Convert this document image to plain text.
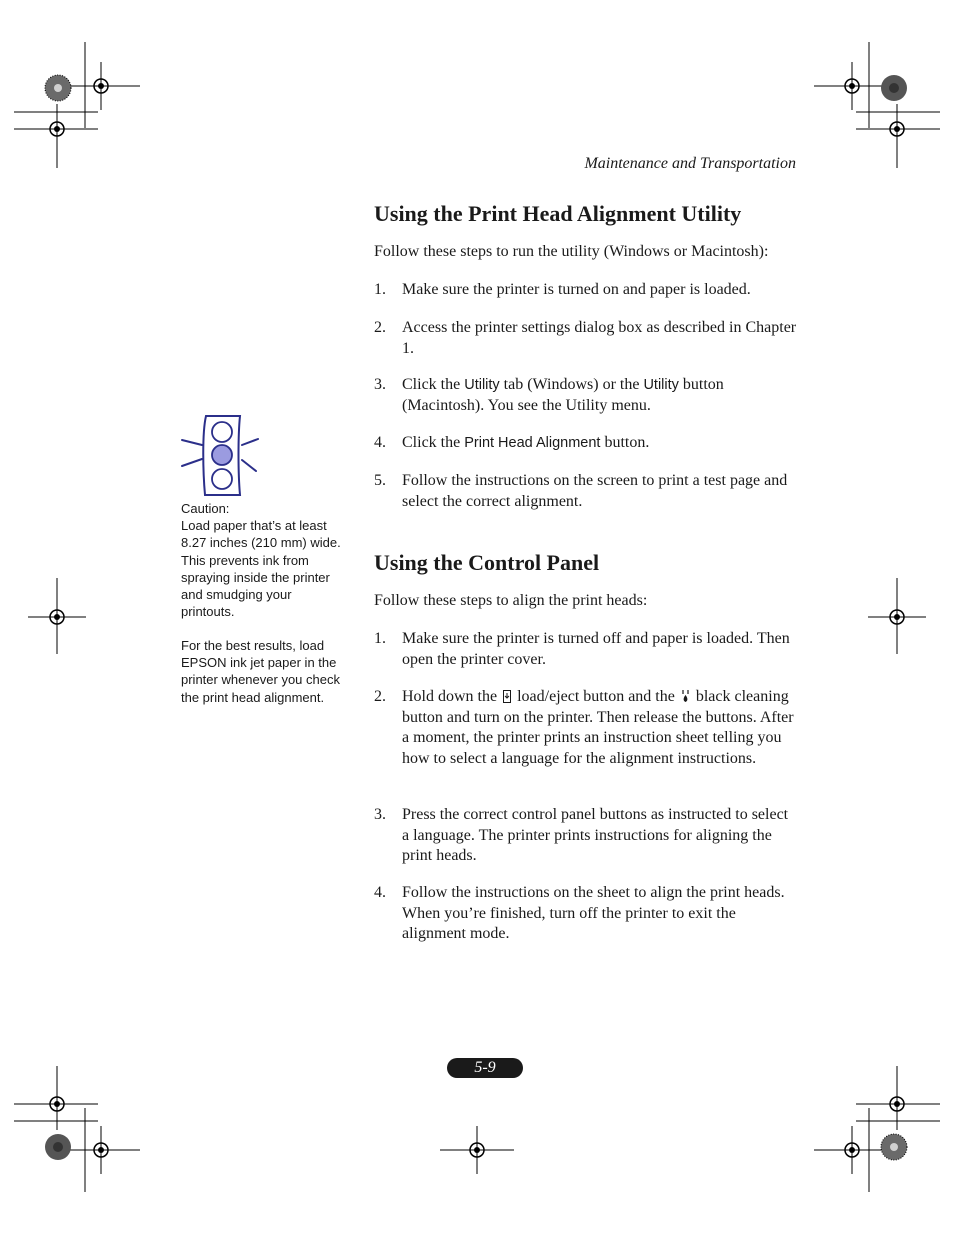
Maintenance and Transportation
Using the Print Head Alignment Utility
Follow these steps to run the utility (Windows or Macintosh):
1.	Make sure the printer is turned on and paper is loaded.
2.	Access the printer settings dialog box as described in Chapter 1.
3.	Click the Utility tab (Windows) or the Utility button (Macintosh). You see the Utility menu.
4.	Click the Print Head Alignment button.
5.	Follow the instructions on the screen to print a test page and select the correct alignment.
Using the Control Panel
Follow these steps to align the print heads:
1.	Make sure the printer is turned off and paper is loaded. Then open the printer cover.
2.	Hold down the  load/eject button and the  black cleaning button and turn on the printer. Then release the buttons. After a moment, the printer prints an instruction sheet telling you how to select a language for the alignment instructions.
3.	Press the correct control panel buttons as instructed to select a language. The printer prints instructions for aligning the print heads.
4.	Follow the instructions on the sheet to align the print heads. When you’re finished, turn off the printer to exit the alignment mode.
Caution:
Load paper that’s at least 8.27 inches (210 mm) wide. This prevents ink from spraying inside the printer and smudging your printouts.
For the best results, load EPSON ink jet paper in the printer whenever you check the print head alignment.
5-9
